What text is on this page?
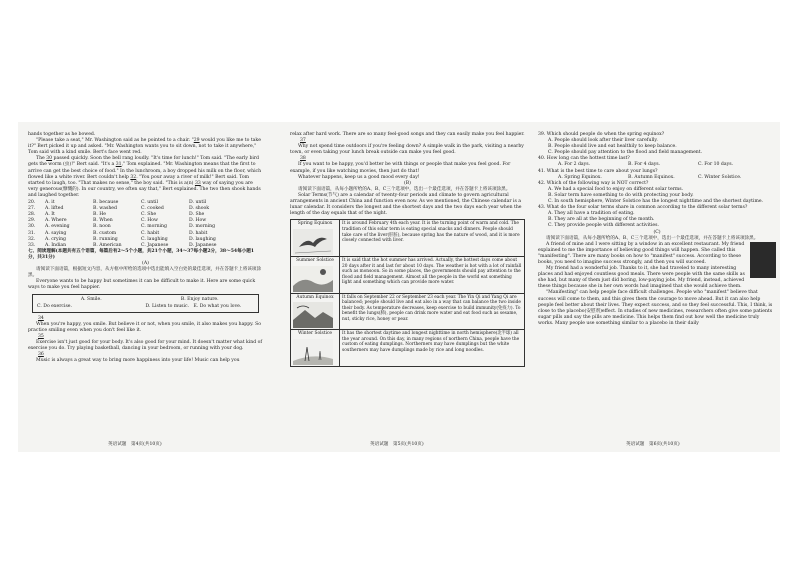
hands together as he bowed.

"Please take a seat," Mr. Washington said as he pointed to a chair. "29 would you like me to take it?" Bert picked it up and asked. "Mr. Washington wants you to sit down, not to take it anywhere," Tom said with a kind smile. Bert's face went red.

The 30 passed quickly. Soon the bell rang loudly. "It's time for lunch!" Tom said. "The early bird gets the worm (虫)!" Bert said. "It's a 31," Tom explained. "Mr. Washington means that the first to arrive can get the best choice of food." In the lunchroom, a boy dropped his milk on the floor, which flowed like a white river. Bert couldn't help 32. "You pour away a river of milk!" Bert said. Tom started to laugh, too. "That makes no sense," the boy said. "This is a(n) 33 way of saying you are very generous(慷慨的). In our country, we often say that," Bert explained. The two then shook hands and laughed together.

20.	A. it	B. because	C. until	D. until
27.	A. lifted	B. washed	C. cooked	D. shook
28.	A. It	B. He	C. She	D. She
29.	A. Where	B. When	C. How	D. How
30.	A. evening	B. noon	C. morning	D. morning
31.	A. saying	B. custom	C. habit	D. habit
32.	A. crying	B. running	C. laughing	D. laughing
33.	A. Indian	B. American	C. Japanese	D. Japanese

七、阅读理解(本题共有五个语篇，每篇后有2～5个小题，共21个小题，34～37每小题2分，38～54每小题1分，共31分)

(A)

请阅读下面语篇，根据短文内容，从方框中所给的选项中选出能填入空白处的最佳选项，并在答题卡上将该项涂黑。

Everyone wants to be happy but sometimes it can be difficult to make it. Here are some quick ways to make you feel happier.

A. Smile.	B. Enjoy nature.
C. Do exercise.	D. Listen to music. E. Do what you love.

34

When you're happy, you smile. But believe it or not, when you smile, it also makes you happy. So practice smiling even when you don't feel like it.

35

Exercise isn't just good for your body. It's also good for your mind. It doesn't matter what kind of exercise you do. Try playing basketball, dancing in your bedroom, or running with your dog.

36

Music is always a great way to bring more happiness into your life! Music can help you

英语试题　第4页(共10页)

relax after hard work. There are so many feel-good songs and they can easily make you feel happier.

37

Why not spend time outdoors if you're feeling down? A simple walk in the park, visiting a nearby town, or even taking your lunch break outside can make you feel good.

38

If you want to be happy, you'd better be with things or people that make you feel good. For example, if you like watching movies, then just do that!

Whatever happens, keep us a good mood every day!

(B)

请阅读下面语篇，从每小题所给的A、B、C三个选项中，选出一个最佳选项，并在答题卡上将该项涂黑。

Solar Terms(节气) are a calendar of twenty-four periods and climate to govern agricultural arrangements in ancient China and function even now. As we mentioned, the Chinese calendar is a lunar calendar. It considers the longest and the shortest days and the two days each year when the length of the day equals that of the night.

Spring Equinox	It is around February 4th each year. It is the turning point of warm and cold. The tradition of this solar term is eating special snacks and dinners. People should take care of the liver(肝脏), because spring has the nature of wood, and it is more closely connected with liver.

Summer Solstice	It is said that the hot summer has arrived. Actually, the hottest days come about 20 days after it and last for about 10 days. The weather is hot with a lot of rainfall such as monsoon. So in some places, the governments should pay attention to the flood and field management. Almost all the people in the world eat something light and something which can provide more water.

Autumn Equinox	It falls on September 22 or September 23 each year. The Yin Qi and Yang Qi are balanced; people should live and eat also in a way that can balance the two inside their body. As temperature decreases, keep exercise to build immunity(免疫力). To benefit the lungs(肺), people can drink more water and eat food such as sesame, nut, sticky rice, honey or pear.

Winter Solstice	It has the shortest daytime and longest nighttime in north hemisphere(北半球) all the year around. On this day, in many regions of northern China, people have the custom of eating dumplings. Northerners may have dumplings but the white southerners may have dumplings made by rice and long noodles.
英语试题　第5页(共10页)

39. Which should people do when the spring equinox?

A. People should look after their liver carefully.

B. People should live and eat healthily to keep balance.

C. People should pay attention to the flood and field management.

40. How long can the hottest time last?

A. For 2 days.	B. For 4 days.	C. For 10 days.

41. What is the best time to care about your lungs?

A. Spring Equinox.	B. Autumn Equinox.	C. Winter Solstice.

42. Which of the following way is NOT correct?

A. We had a special food to enjoy on different solar terms.

B. Solar term have something to do with protecting your body.

C. In south hemisphere, Winter Solstice has the longest nighttime and the shortest daytime.

43. What do the four solar terms share in common according to the different solar terms?

A. They all have a tradition of eating.

B. They are all at the beginning of the month.

C. They provide people with different activities.

(C)

请阅读下面语篇，从每小题所给的A、B、C三个选项中，选出一个最佳选项，并在答题卡上将该项涂黑。

A friend of mine and I were sitting by a window in an excellent restaurant. My friend explained to me the importance of believing good things will happen. She called this "manifesting". There are many books on how to "manifest" success. According to these books, you need to imagine success strongly, and then you will succeed.

My friend had a wonderful job. Thanks to it, she had traveled to many interesting places and had enjoyed countless good meals. There were people with the same skills as she had, but many of them just did boring, low-paying jobs. My friend, instead, achieved these things because she in her own words had imagined that she would achieve them.

"Manifesting" can help people face difficult challenges. People who "manifest" believe that success will come to them, and this gives them the courage to move ahead. But it can also help people feel better about their lives. They expect success, and so they feel successful. This, I think, is close to the placebo(安慰剂)effect. In studies of new medicines, researchers often give some patients sugar pills and say the pills are medicine. This helps them find out how well the medicine truly works. Many people use something similar to a placebo in their daily

英语试题　第6页(共10页)
